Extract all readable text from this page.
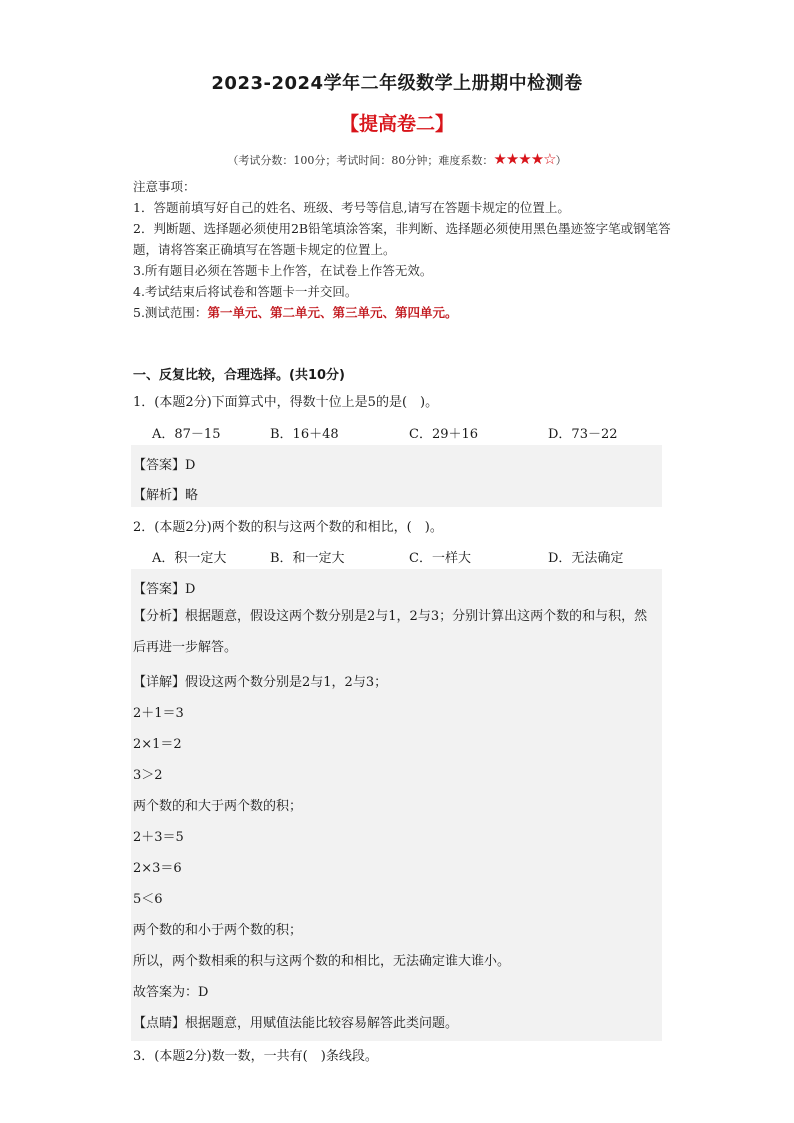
2023-2024学年二年级数学上册期中检测卷
【提高卷二】
（考试分数：100分；考试时间：80分钟；难度系数：★★★★☆）
注意事项：
1．答题前填写好自己的姓名、班级、考号等信息,请写在答题卡规定的位置上。
2．判断题、选择题必须使用2B铅笔填涂答案，非判断、选择题必须使用黑色墨迹签字笔或钢笔答题，请将答案正确填写在答题卡规定的位置上。
3.所有题目必须在答题卡上作答，在试卷上作答无效。
4.考试结束后将试卷和答题卡一并交回。
5.测试范围：第一单元、第二单元、第三单元、第四单元。
一、反复比较，合理选择。(共10分)
1．(本题2分)下面算式中，得数十位上是5的是(　)。
A．87－15	B．16＋48	C．29＋16	D．73－22
【答案】D
【解析】略
2．(本题2分)两个数的积与这两个数的和相比，(　)。
A．积一定大	B．和一定大	C．一样大	D．无法确定
【答案】D
【分析】根据题意，假设这两个数分别是2与1，2与3；分别计算出这两个数的和与积，然后再进一步解答。
【详解】假设这两个数分别是2与1，2与3；
2＋1＝3
2×1＝2
3＞2
两个数的和大于两个数的积；
2＋3＝5
2×3＝6
5＜6
两个数的和小于两个数的积；
所以，两个数相乘的积与这两个数的和相比，无法确定谁大谁小。
故答案为：D
【点睛】根据题意，用赋值法能比较容易解答此类问题。
3．(本题2分)数一数，一共有(　)条线段。
